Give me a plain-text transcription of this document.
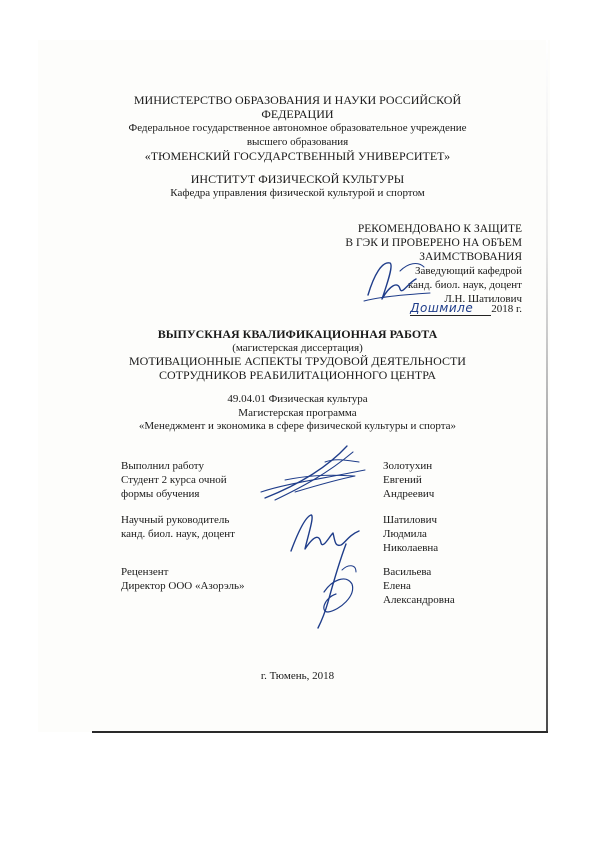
МИНИСТЕРСТВО ОБРАЗОВАНИЯ И НАУКИ РОССИЙСКОЙ
ФЕДЕРАЦИИ
Федеральное государственное автономное образовательное учреждение
высшего образования
«ТЮМЕНСКИЙ ГОСУДАРСТВЕННЫЙ УНИВЕРСИТЕТ»
ИНСТИТУТ ФИЗИЧЕСКОЙ КУЛЬТУРЫ
Кафедра управления физической культурой и спортом
РЕКОМЕНДОВАНО К ЗАЩИТЕ
В ГЭК И ПРОВЕРЕНО НА ОБЪЕМ
ЗАИМСТВОВАНИЯ
Заведующий кафедрой
канд. биол. наук, доцент
Л.Н. Шатилович
Дошмиле 2018 г.
ВЫПУСКНАЯ КВАЛИФИКАЦИОННАЯ РАБОТА
(магистерская диссертация)
МОТИВАЦИОННЫЕ АСПЕКТЫ ТРУДОВОЙ ДЕЯТЕЛЬНОСТИ
СОТРУДНИКОВ РЕАБИЛИТАЦИОННОГО ЦЕНТРА
49.04.01 Физическая культура
Магистерская программа
«Менеджмент и экономика в сфере физической культуры и спорта»
Выполнил работу
Студент 2 курса очной
формы обучения
Золотухин
Евгений
Андреевич
Научный руководитель
канд. биол. наук, доцент
Шатилович
Людмила
Николаевна
Рецензент
Директор ООО «Азорэль»
Васильева
Елена
Александровна
г. Тюмень, 2018
